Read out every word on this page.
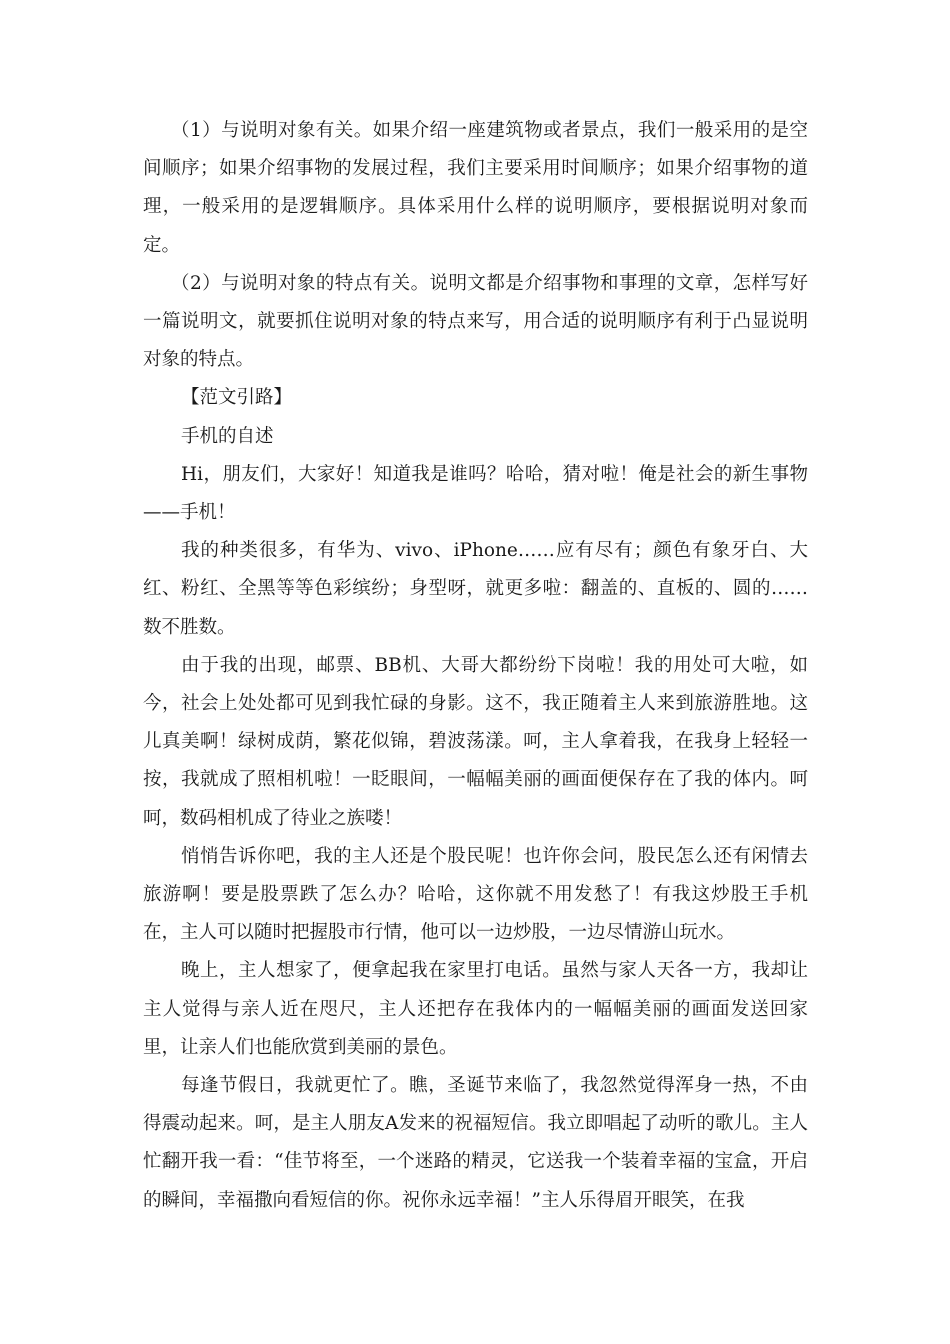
（1）与说明对象有关。如果介绍一座建筑物或者景点，我们一般采用的是空间顺序；如果介绍事物的发展过程，我们主要采用时间顺序；如果介绍事物的道理，一般采用的是逻辑顺序。具体采用什么样的说明顺序，要根据说明对象而定。

（2）与说明对象的特点有关。说明文都是介绍事物和事理的文章，怎样写好一篇说明文，就要抓住说明对象的特点来写，用合适的说明顺序有利于凸显说明对象的特点。

【范文引路】

手机的自述

Hi，朋友们，大家好！知道我是谁吗？哈哈，猜对啦！俺是社会的新生事物——手机！

我的种类很多，有华为、vivo、iPhone……应有尽有；颜色有象牙白、大红、粉红、全黑等等色彩缤纷；身型呀，就更多啦：翻盖的、直板的、圆的……数不胜数。

由于我的出现，邮票、BB机、大哥大都纷纷下岗啦！我的用处可大啦，如今，社会上处处都可见到我忙碌的身影。这不，我正随着主人来到旅游胜地。这儿真美啊！绿树成荫，繁花似锦，碧波荡漾。呵，主人拿着我，在我身上轻轻一按，我就成了照相机啦！一眨眼间，一幅幅美丽的画面便保存在了我的体内。呵呵，数码相机成了待业之族喽！

悄悄告诉你吧，我的主人还是个股民呢！也许你会问，股民怎么还有闲情去旅游啊！要是股票跌了怎么办？哈哈，这你就不用发愁了！有我这炒股王手机在，主人可以随时把握股市行情，他可以一边炒股，一边尽情游山玩水。

晚上，主人想家了，便拿起我在家里打电话。虽然与家人天各一方，我却让主人觉得与亲人近在咫尺，主人还把存在我体内的一幅幅美丽的画面发送回家里，让亲人们也能欣赏到美丽的景色。

每逢节假日，我就更忙了。瞧，圣诞节来临了，我忽然觉得浑身一热，不由得震动起来。呵，是主人朋友A发来的祝福短信。我立即唱起了动听的歌儿。主人忙翻开我一看：“佳节将至，一个迷路的精灵，它送我一个装着幸福的宝盒，开启的瞬间，幸福撒向看短信的你。祝你永远幸福！”主人乐得眉开眼笑，在我
